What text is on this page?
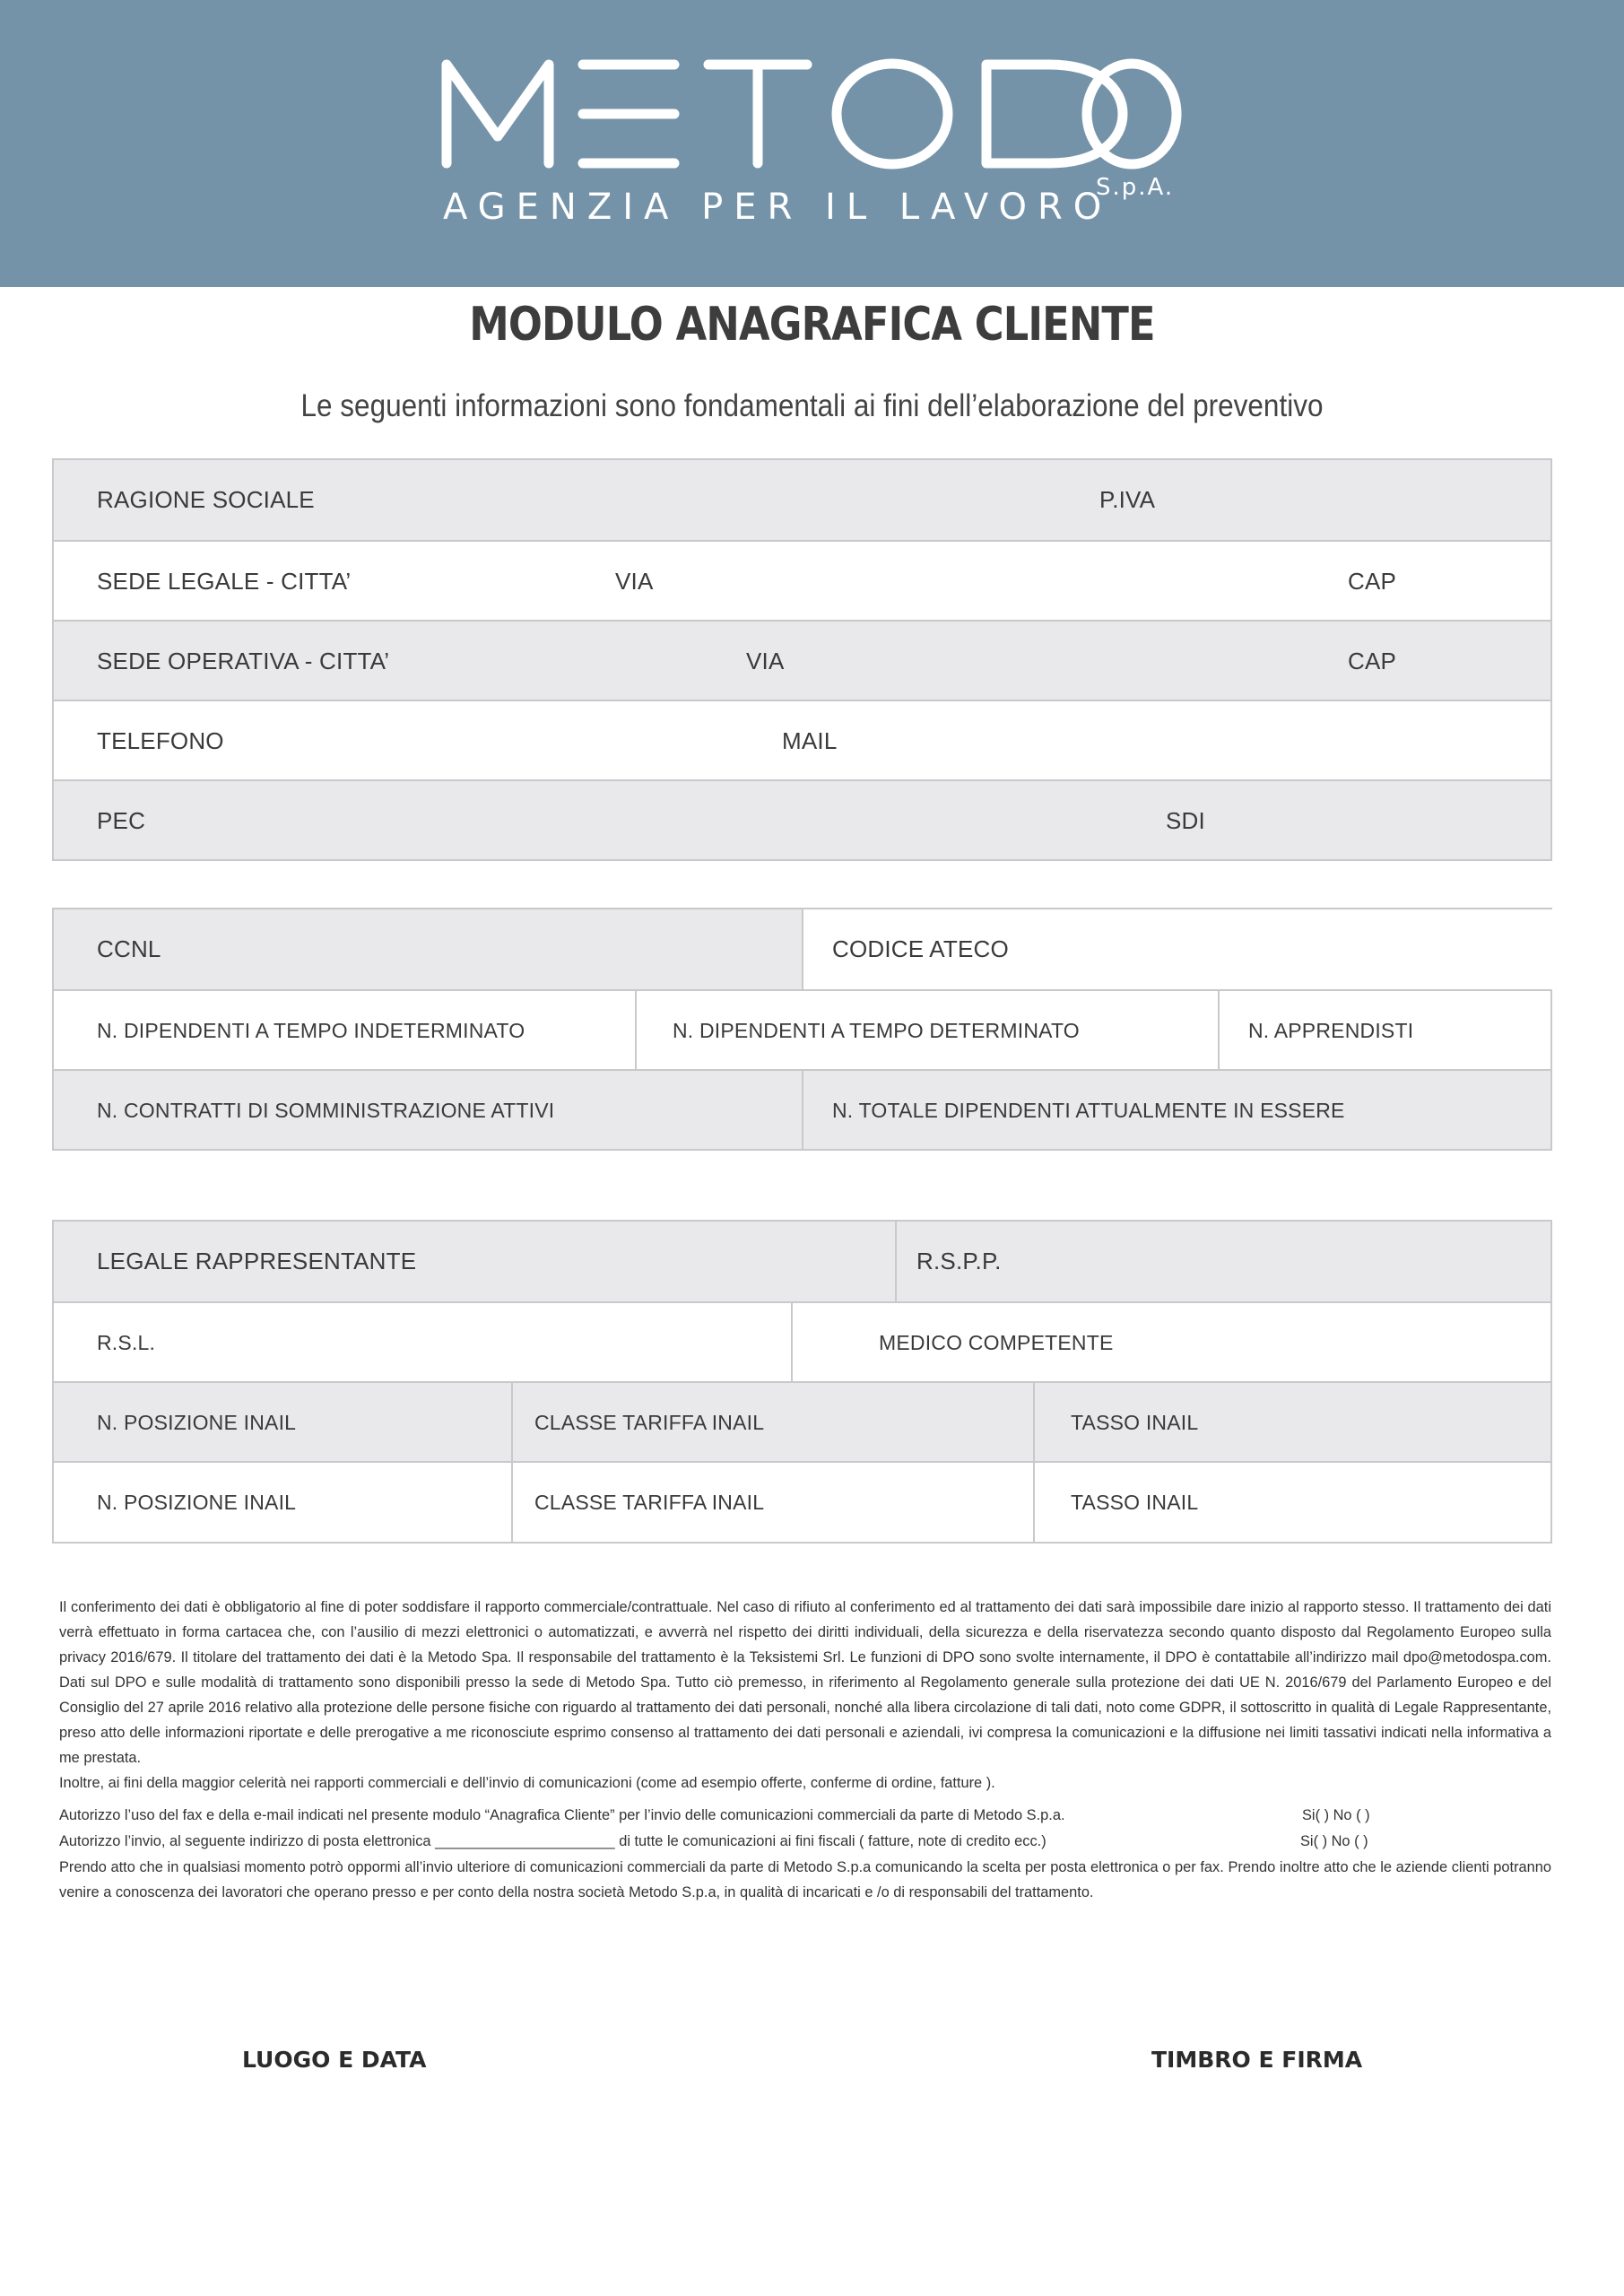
AGENZIA PER IL LAVORO
S.p.A.
MODULO ANAGRAFICA CLIENTE
Le seguenti informazioni sono fondamentali ai fini dell’elaborazione del preventivo
RAGIONE SOCIALE	P.IVA
SEDE LEGALE - CITTA’	VIA	CAP
SEDE OPERATIVA - CITTA’	VIA	CAP
TELEFONO	MAIL
PEC	SDI
CCNL	CODICE ATECO
N. DIPENDENTI A TEMPO INDETERMINATO	N. DIPENDENTI A TEMPO DETERMINATO	N. APPRENDISTI
N. CONTRATTI DI SOMMINISTRAZIONE ATTIVI	N. TOTALE DIPENDENTI ATTUALMENTE IN ESSERE
LEGALE RAPPRESENTANTE	R.S.P.P.
R.S.L.	MEDICO COMPETENTE
N. POSIZIONE INAIL	CLASSE TARIFFA INAIL	TASSO INAIL
N. POSIZIONE INAIL	CLASSE TARIFFA INAIL	TASSO INAIL
Il conferimento dei dati è obbligatorio al fine di poter soddisfare il rapporto commerciale/contrattuale. Nel caso di rifiuto al conferimento ed al trattamento dei dati sarà impossibile dare inizio al rapporto stesso. Il trattamento dei dati verrà effettuato in forma cartacea che, con l’ausilio di mezzi elettronici o automatizzati, e avverrà nel rispetto dei diritti individuali, della sicurezza e della riservatezza secondo quanto disposto dal Regolamento Europeo sulla privacy 2016/679. Il titolare del trattamento dei dati è la Metodo Spa. Il responsabile del trattamento è la Teksistemi Srl. Le funzioni di DPO sono svolte internamente, il DPO è contattabile all’indirizzo mail dpo@metodospa.com. Dati sul DPO e sulle modalità di trattamento sono disponibili presso la sede di Metodo Spa. Tutto ciò premesso, in riferimento al Regolamento generale sulla protezione dei dati UE N. 2016/679 del Parlamento Europeo e del Consiglio del 27 aprile 2016 relativo alla protezione delle persone fisiche con riguardo al trattamento dei dati personali, nonché alla libera circolazione di tali dati, noto come GDPR, il sottoscritto in qualità di Legale Rappresentante, preso atto delle informazioni riportate e delle prerogative a me riconosciute esprimo consenso al trattamento dei dati personali e aziendali, ivi compresa la comunicazioni e la diffusione nei limiti tassativi indicati nella informativa a me prestata.
Inoltre, ai fini della maggior celerità nei rapporti commerciali e dell’invio di comunicazioni (come ad esempio offerte, conferme di ordine, fatture ).
Autorizzo l’uso del fax e della e-mail indicati nel presente modulo “Anagrafica Cliente” per l’invio delle comunicazioni commerciali da parte di Metodo S.p.a.	Si( ) No ( )
Autorizzo l’invio, al seguente indirizzo di posta elettronica ______________________ di tutte le comunicazioni ai fini fiscali ( fatture, note di credito ecc.)	Si( ) No ( )
Prendo atto che in qualsiasi momento potrò oppormi all’invio ulteriore di comunicazioni commerciali da parte di Metodo S.p.a comunicando la scelta per posta elettronica o per fax. Prendo inoltre atto che le aziende clienti potranno venire a conoscenza dei lavoratori che operano presso e per conto della nostra società Metodo S.p.a, in qualità di incaricati e /o di responsabili del trattamento.
LUOGO E DATA	TIMBRO E FIRMA
